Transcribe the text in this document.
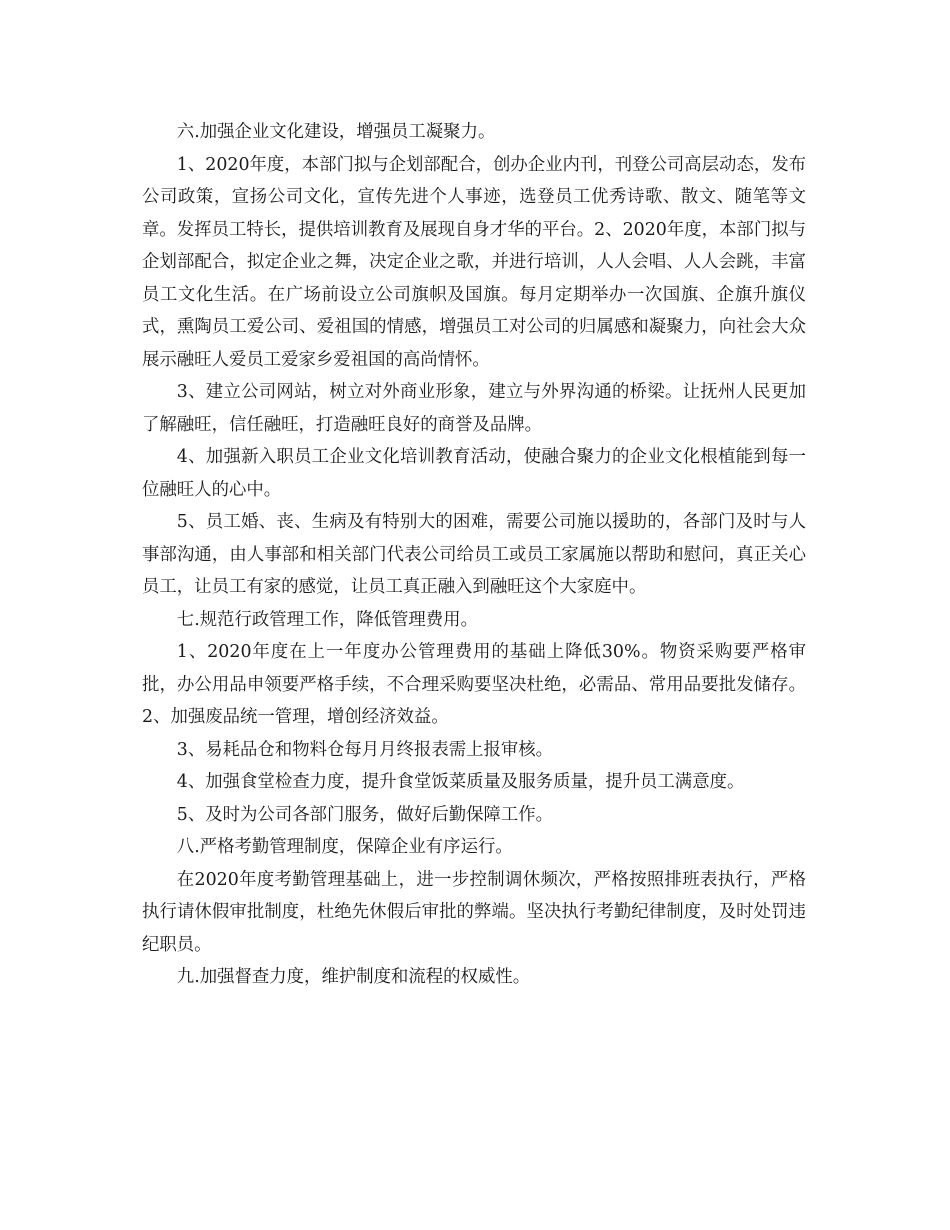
六.加强企业文化建设，增强员工凝聚力。

1、2020年度，本部门拟与企划部配合，创办企业内刊，刊登公司高层动态，发布公司政策，宣扬公司文化，宣传先进个人事迹，选登员工优秀诗歌、散文、随笔等文章。发挥员工特长，提供培训教育及展现自身才华的平台。2、2020年度，本部门拟与企划部配合，拟定企业之舞，决定企业之歌，并进行培训，人人会唱、人人会跳，丰富员工文化生活。在广场前设立公司旗帜及国旗。每月定期举办一次国旗、企旗升旗仪式，熏陶员工爱公司、爱祖国的情感，增强员工对公司的归属感和凝聚力，向社会大众展示融旺人爱员工爱家乡爱祖国的高尚情怀。

3、建立公司网站，树立对外商业形象，建立与外界沟通的桥梁。让抚州人民更加了解融旺，信任融旺，打造融旺良好的商誉及品牌。

4、加强新入职员工企业文化培训教育活动，使融合聚力的企业文化根植能到每一位融旺人的心中。

5、员工婚、丧、生病及有特别大的困难，需要公司施以援助的，各部门及时与人事部沟通，由人事部和相关部门代表公司给员工或员工家属施以帮助和慰问，真正关心员工，让员工有家的感觉，让员工真正融入到融旺这个大家庭中。

七.规范行政管理工作，降低管理费用。

1、2020年度在上一年度办公管理费用的基础上降低30%。物资采购要严格审批，办公用品申领要严格手续，不合理采购要坚决杜绝，必需品、常用品要批发储存。2、加强废品统一管理，增创经济效益。

3、易耗品仓和物料仓每月月终报表需上报审核。

4、加强食堂检查力度，提升食堂饭菜质量及服务质量，提升员工满意度。

5、及时为公司各部门服务，做好后勤保障工作。

八.严格考勤管理制度，保障企业有序运行。

在2020年度考勤管理基础上，进一步控制调休频次，严格按照排班表执行，严格执行请休假审批制度，杜绝先休假后审批的弊端。坚决执行考勤纪律制度，及时处罚违纪职员。

九.加强督查力度，维护制度和流程的权威性。
